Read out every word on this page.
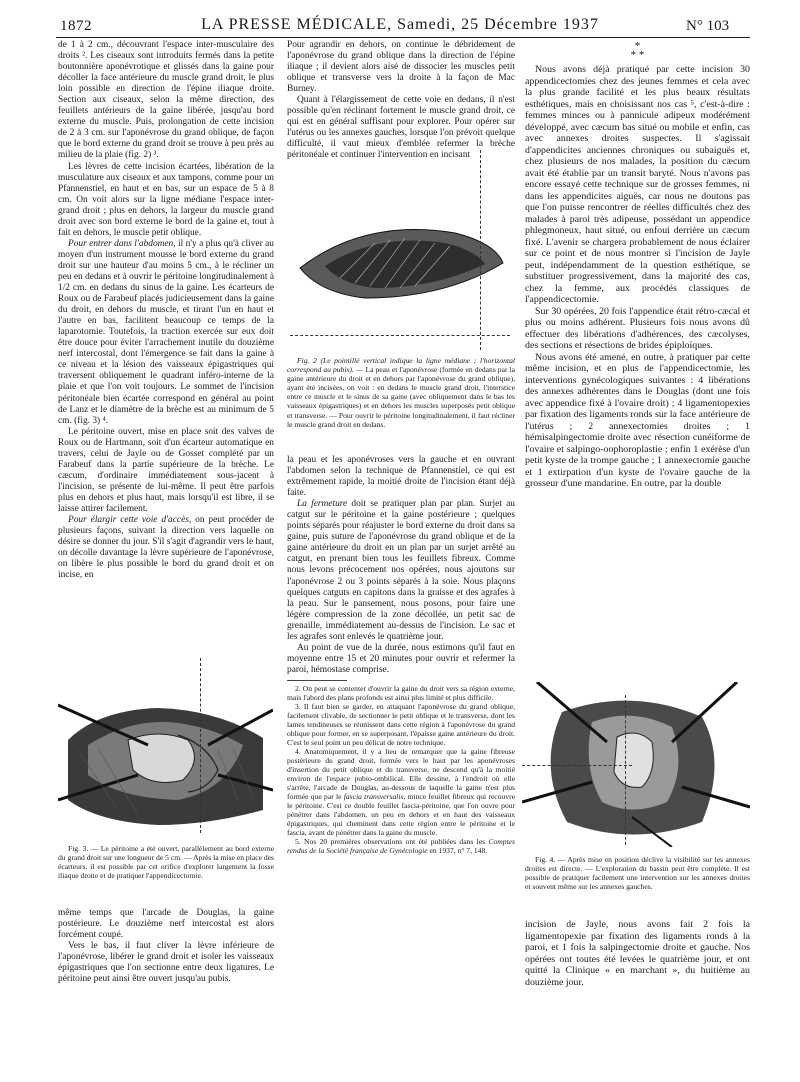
1872	LA PRESSE MÉDICALE, Samedi, 25 Décembre 1937	N° 103

de 1 à 2 cm., découvrant l'espace inter-musculaire des droits ². Les ciseaux sont introduits fermés dans la petite boutonnière aponévrotique et glissés dans la gaine pour décoller la face antérieure du muscle grand droit, le plus loin possible en direction de l'épine iliaque droite. Section aux ciseaux, selon la même direction, des feuillets antérieurs de la gaine libérée, jusqu'au bord externe du muscle. Puis, prolongation de cette incision de 2 à 3 cm. sur l'aponévrose du grand oblique, de façon que le bord externe du grand droit se trouve à peu près au milieu de la plaie (fig. 2) ³.

Les lèvres de cette incision écartées, libération de la musculature aux ciseaux et aux tampons, comme pour un Pfannenstiel, en haut et en bas, sur un espace de 5 à 8 cm. On voit alors sur la ligne médiane l'espace inter-grand droit ; plus en dehors, la largeur du muscle grand droit avec son bord externe le bord de la gaine et, tout à fait en dehors, le muscle petit oblique.

Pour entrer dans l'abdomen, il n'y a plus qu'à cliver au moyen d'un instrument mousse le bord externe du grand droit sur une hauteur d'au moins 5 cm., à le récliner un peu en dedans et à ouvrir le péritoine longitudinalement à 1/2 cm. en dedans du sinus de la gaine. Les écarteurs de Roux ou de Farabeuf placés judicieusement dans la gaine du droit, en dehors du muscle, et tirant l'un en haut et l'autre en bas, facilitent beaucoup ce temps de la laparotomie. Toutefois, la traction exercée sur eux doit être douce pour éviter l'arrachement inutile du douzième nerf intercostal, dont l'émergence se fait dans la gaine à ce niveau et la lésion des vaisseaux épigastriques qui traversent obliquement le quadrant inféro-interne de la plaie et que l'on voit toujours. Le sommet de l'incision péritonéale bien écartée correspond en général au point de Lanz et le diamètre de la brèche est au minimum de 5 cm. (fig. 3) ⁴.

Le péritoine ouvert, mise en place soit des valves de Roux ou de Hartmann, soit d'un écarteur automatique en travers, celui de Jayle ou de Gosset complété par un Farabeuf dans la partie supérieure de la brèche. Le cæcum, d'ordinaire immédiatement sous-jacent à l'incision, se présente de lui-même. Il peut être parfois plus en dehors et plus haut, mais lorsqu'il est libre, il se laisse attirer facilement.

Pour élargir cette voie d'accès, on peut procéder de plusieurs façons, suivant la direction vers laquelle on désire se donner du jour. S'il s'agit d'agrandir vers le haut, on décolle davantage la lèvre supérieure de l'aponévrose, on libère le plus possible le bord du grand droit et on incise, en

Fig. 3. — Le péritoine a été ouvert, parallèlement au bord externe du grand droit sur une longueur de 5 cm. — Après la mise en place des écarteurs, il est possible par cet orifice d'explorer largement la fosse iliaque droite et de pratiquer l'appendicectomie.

même temps que l'arcade de Douglas, la gaine postérieure. Le douzième nerf intercostal est alors forcément coupé.

Vers le bas, il faut cliver la lèvre inférieure de l'aponévrose, libérer le grand droit et isoler les vaisseaux épigastriques que l'on sectionne entre deux ligatures. Le péritoine peut ainsi être ouvert jusqu'au pubis.

Pour agrandir en dehors, on continue le débridement de l'aponévrose du grand oblique dans la direction de l'épine iliaque ; il devient alors aisé de dissocier les muscles petit oblique et transverse vers la droite à la façon de Mac Burney.

Quant à l'élargissement de cette voie en dedans, il n'est possible qu'en réclinant fortement le muscle grand droit, ce qui est en général suffisant pour explorer. Pour opérer sur l'utérus ou les annexes gauches, lorsque l'on prévoit quelque difficulté, il vaut mieux d'emblée refermer la brèche péritonéale et continuer l'intervention en incisant

Fig. 2 (Le pointillé vertical indique la ligne médiane ; l'horizontal correspond au pubis). — La peau et l'aponévrose (formée en dedans par la gaine antérieure du droit et en dehors par l'aponévrose du grand oblique), ayant été incisées, on voit : en dedans le muscle grand droit, l'interstice entre ce muscle et le sinus de sa gaine (avec obliquement dans le bas les vaisseaux épigastriques) et en dehors les muscles superposés petit oblique et transverse. — Pour ouvrir le péritoine longitudinalement, il faut récliner le muscle grand droit en dedans.

la peau et les aponévroses vers la gauche et en ouvrant l'abdomen selon la technique de Pfannenstiel, ce qui est extrêmement rapide, la moitié droite de l'incision étant déjà faite.

La fermeture doit se pratiquer plan par plan. Surjet au catgut sur le péritoine et la gaine postérieure ; quelques points séparés pour réajuster le bord externe du droit dans sa gaine, puis suture de l'aponévrose du grand oblique et de la gaine antérieure du droit en un plan par un surjet arrêté au catgut, en prenant bien tous les feuillets fibreux. Comme nous levons précocement nos opérées, nous ajoutons sur l'aponévrose 2 ou 3 points séparés à la soie. Nous plaçons quelques catguts en capitons dans la graisse et des agrafes à la peau. Sur le pansement, nous posons, pour faire une légère compression de la zone décollée, un petit sac de grenaille, immédiatement au-dessus de l'incision. Le sac et les agrafes sont enlevés le quatrième jour.

Au point de vue de la durée, nous estimons qu'il faut en moyenne entre 15 et 20 minutes pour ouvrir et refermer la paroi, hémostase comprise.

2. On peut se contenter d'ouvrir la gaine du droit vers sa région externe, mais l'abord des plans profonds est ainsi plus limité et plus difficile.

3. Il faut bien se garder, en attaquant l'aponévrose du grand oblique, facilement clivable, de sectionner le petit oblique et le transverse, dont les lames tendineuses se réunissent dans cette région à l'aponévrose du grand oblique pour former, en se superposant, l'épaisse gaine antérieure du droit. C'est le seul point un peu délicat de notre technique.

4. Anatomiquement, il y a lieu de remarquer que la gaine fibreuse postérieure du grand droit, formée vers le haut par les aponévroses d'insertion du petit oblique et du transverse, ne descend qu'à la moitié environ de l'espace pubio-ombilical. Elle dessine, à l'endroit où elle s'arrête, l'arcade de Douglas, au-dessous de laquelle la gaine n'est plus formée que par le fascia transversalis, mince feuillet fibreux qui recouvre le péritoine. C'est ce double feuillet fascia-péritoine, que l'on ouvre pour pénétrer dans l'abdomen, un peu en dehors et en haut des vaisseaux épigastriques, qui cheminent dans cette région entre le péritoine et le fascia, avant de pénétrer dans la gaine du muscle.

5. Nos 20 premières observations ont été publiées dans les Comptes rendus de la Société française de Gynécologie en 1937, n° 7, 148.

*
* *

Nous avons déjà pratiqué par cette incision 30 appendicectomies chez des jeunes femmes et cela avec la plus grande facilité et les plus beaux résultats esthétiques, mais en choisissant nos cas ⁵, c'est-à-dire : femmes minces ou à pannicule adipeux modérément développé, avec cæcum bas situé ou mobile et enfin, cas avec annexes droites suspectes. Il s'agissait d'appendicites anciennes chroniques ou subaiguës et, chez plusieurs de nos malades, la position du cæcum avait été établie par un transit baryté. Nous n'avons pas encore essayé cette technique sur de grosses femmes, ni dans les appendicites aiguës, car nous ne doutons pas que l'on puisse rencontrer de réelles difficultés chez des malades à paroi très adipeuse, possédant un appendice phlegmoneux, haut situé, ou enfoui derrière un cæcum fixé. L'avenir se chargera probablement de nous éclairer sur ce point et de nous montrer si l'incision de Jayle peut, indépendamment de la question esthétique, se substituer progressivement, dans la majorité des cas, chez la femme, aux procédés classiques de l'appendicectomie.

Sur 30 opérées, 20 fois l'appendice était rétro-cæcal et plus ou moins adhérent. Plusieurs fois nous avons dû effectuer des libérations d'adhérences, des cæcolyses, des sections et résections de brides épiploïques.

Nous avons été amené, en outre, à pratiquer par cette même incision, et en plus de l'appendicectomie, les interventions gynécologiques suivantes : 4 libérations des annexes adhérentes dans le Douglas (dont une fois avec appendice fixé à l'ovaire droit) ; 4 ligamentopexies par fixation des ligaments ronds sur la face antérieure de l'utérus ; 2 annexectomies droites ; 1 hémisalpingectomie droite avec résection cunéiforme de l'ovaire et salpingo-oophoroplastie ; enfin 1 exérèse d'un petit kyste de la trompe gauche ; 1 annexectomie gauche et 1 extirpation d'un kyste de l'ovaire gauche de la grosseur d'une mandarine. En outre, par la double

Fig. 4. — Après mise en position déclive la visibilité sur les annexes droites est directe. — L'exploration du bassin peut être complète. Il est possible de pratiquer facilement une intervention sur les annexes droites et souvent même sur les annexes gauches.

incision de Jayle, nous avons fait 2 fois la ligamentopexie par fixation des ligaments ronds à la paroi, et 1 fois la salpingectomie droite et gauche. Nos opérées ont toutes été levées le quatrième jour, et ont quitté la Clinique « en marchant », du huitième au douzième jour.
